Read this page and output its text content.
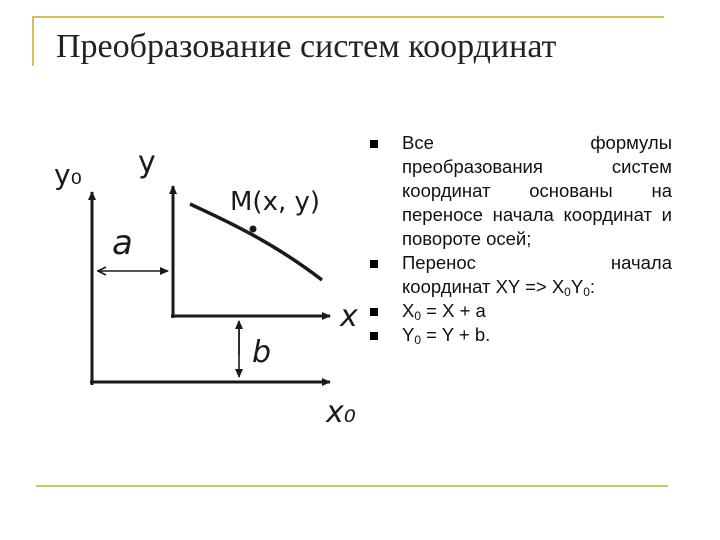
Преобразование систем координат
y₀ y
a
M(x, y)
x
b
x₀
Все	формулы
преобразования систем координат основаны на переносе начала координат и повороте осей;
Перенос	начала
координат XY => $X_0Y_0$:
$X_0 = X + a$
$Y_0 = Y + b$.
